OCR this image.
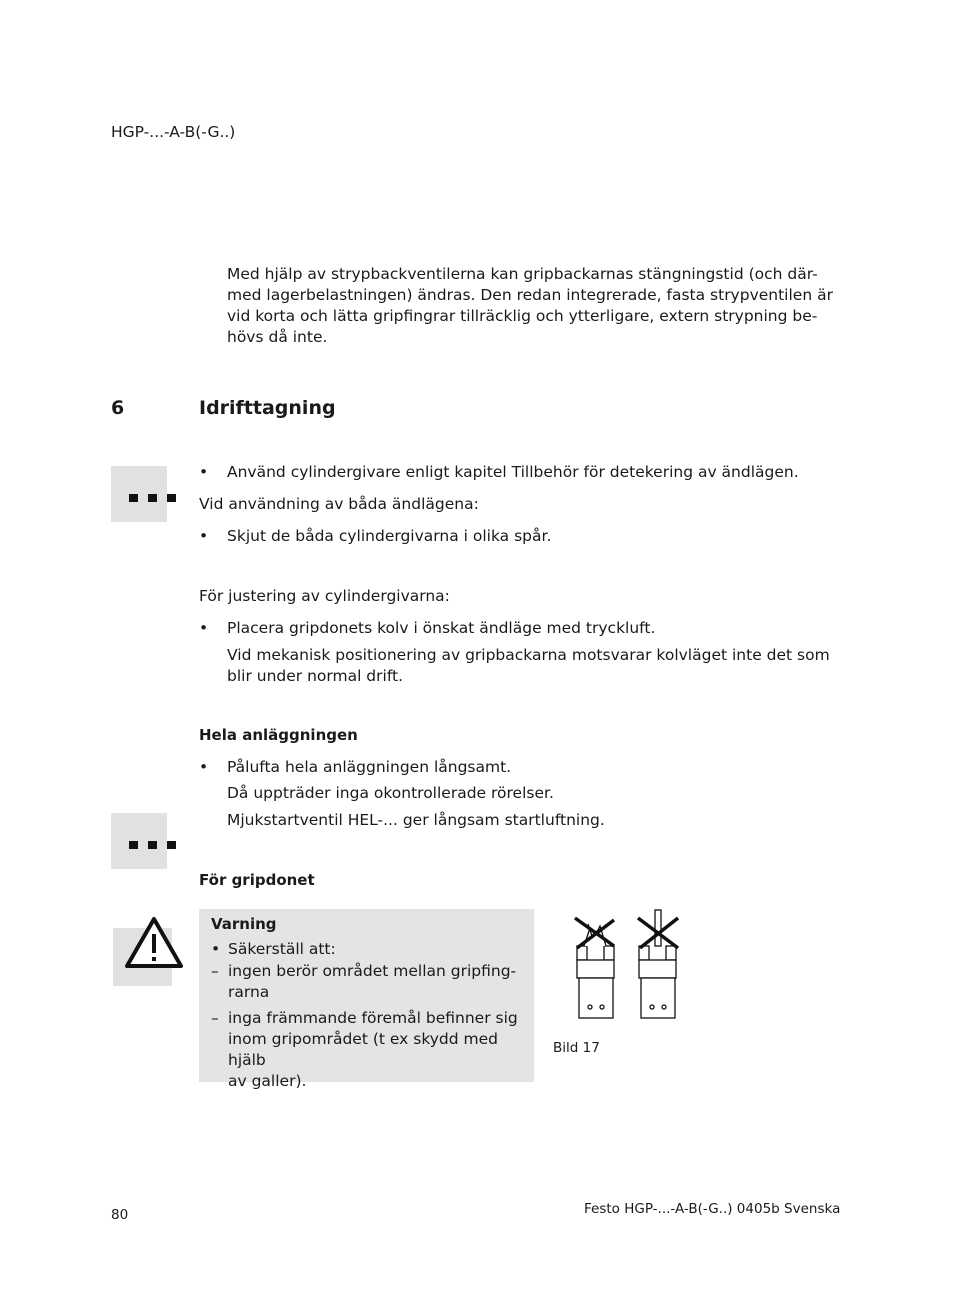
HGP-...-A-B(-G..)
Med hjälp av strypbackventilerna kan gripbackarnas stängningstid (och där-
med lagerbelastningen) ändras. Den redan integrerade, fasta strypventilen är
vid korta och lätta gripfingrar tillräcklig och ytterligare, extern strypning be-
hövs då inte.
6	Idrifttagning
• Använd cylindergivare enligt kapitel Tillbehör för detekering av ändlägen.
Vid användning av båda ändlägena:
• Skjut de båda cylindergivarna i olika spår.
För justering av cylindergivarna:
• Placera gripdonets kolv i önskat ändläge med tryckluft.
Vid mekanisk positionering av gripbackarna motsvarar kolvläget inte det som
blir under normal drift.
Hela anläggningen
• Pålufta hela anläggningen långsamt.
Då uppträder inga okontrollerade rörelser.
Mjukstartventil HEL-... ger långsam startluftning.
För gripdonet
Varning
• Säkerställ att:
– ingen berör området mellan gripfing-
rarna
– inga främmande föremål befinner sig
inom gripområdet (t ex skydd med hjälb
av galler).
Bild 17
80	Festo HGP-...-A-B(-G..) 0405b Svenska
